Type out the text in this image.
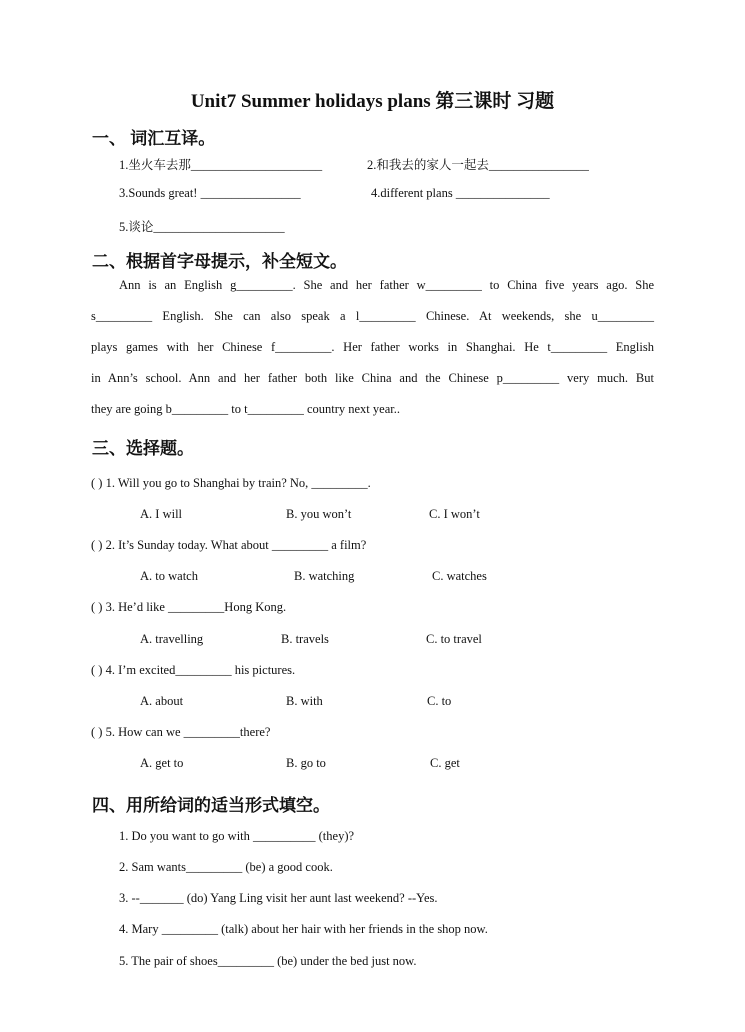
Unit7 Summer holidays plans 第三课时 习题
一、 词汇互译。
1.坐火车去那_____________________	2.和我去的家人一起去________________
3.Sounds great! ________________	4.different plans _______________
5.谈论_____________________
二、根据首字母提示，补全短文。
Ann is an English g_________. She and her father w_________ to China five years ago. She
s_________ English. She can also speak a l_________ Chinese. At weekends, she u_________
plays games with her Chinese f_________. Her father works in Shanghai. He t_________ English
in Ann’s school. Ann and her father both like China and the Chinese p_________ very much. But
they are going b_________ to t_________ country next year..
三、选择题。
( ) 1. Will you go to Shanghai by train? No, _________.
A. I will	B. you won’t	C. I won’t
( ) 2. It’s Sunday today. What about _________ a film?
A. to watch	B. watching	C. watches
( ) 3. He’d like _________Hong Kong.
A. travelling	B. travels	C. to travel
( ) 4. I’m excited_________ his pictures.
A. about	B. with	C. to
( ) 5. How can we _________there?
A. get to	B. go to	C. get
四、用所给词的适当形式填空。
1. Do you want to go with __________ (they)?
2. Sam wants_________ (be) a good cook.
3. --_______ (do) Yang Ling visit her aunt last weekend? --Yes.
4. Mary _________ (talk) about her hair with her friends in the shop now.
5. The pair of shoes_________ (be) under the bed just now.
